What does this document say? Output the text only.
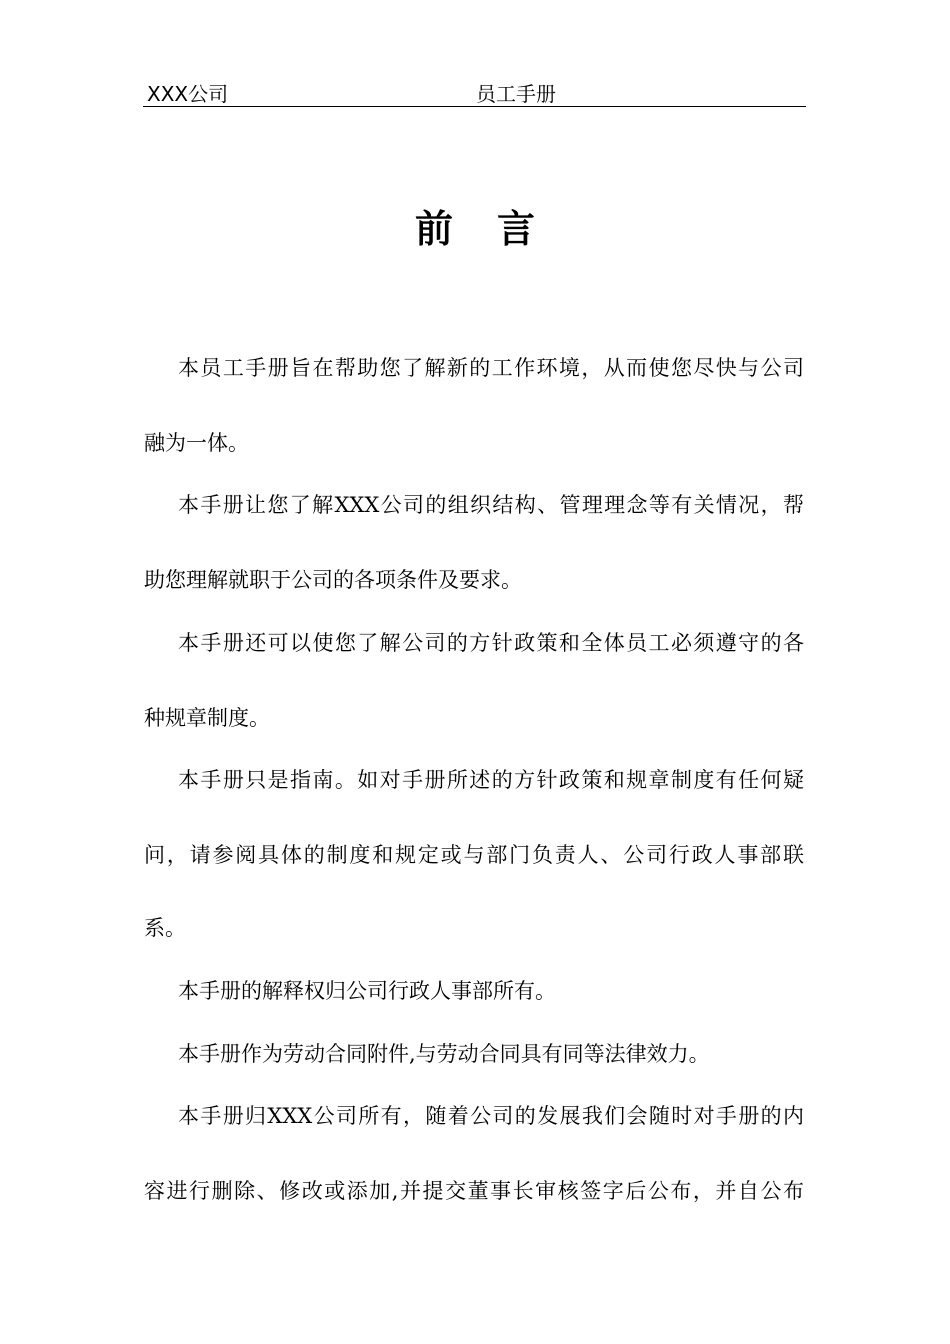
XXX公司	员工手册
前言
本员工手册旨在帮助您了解新的工作环境，从而使您尽快与公司
融为一体。
本手册让您了解XXX公司的组织结构、管理理念等有关情况，帮
助您理解就职于公司的各项条件及要求。
本手册还可以使您了解公司的方针政策和全体员工必须遵守的各
种规章制度。
本手册只是指南。如对手册所述的方针政策和规章制度有任何疑
问，请参阅具体的制度和规定或与部门负责人、公司行政人事部联
系。
本手册的解释权归公司行政人事部所有。
本手册作为劳动合同附件,与劳动合同具有同等法律效力。
本手册归XXX公司所有，随着公司的发展我们会随时对手册的内
容进行删除、修改或添加,并提交董事长审核签字后公布，并自公布
